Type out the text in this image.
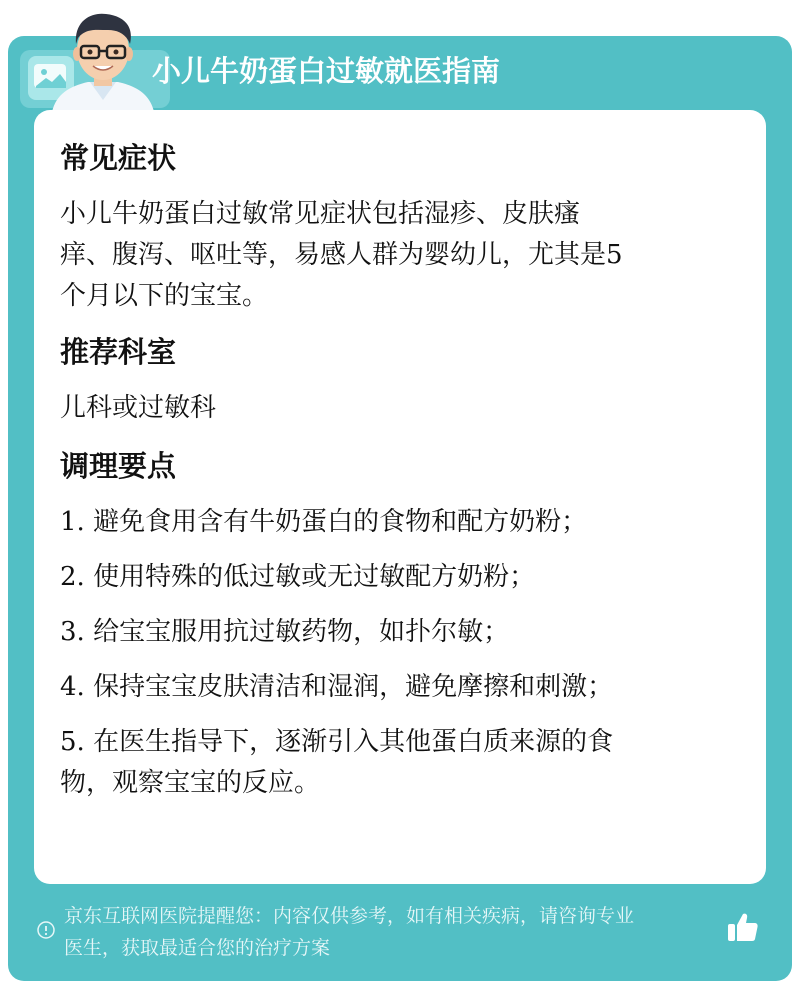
小儿牛奶蛋白过敏就医指南
常见症状
小儿牛奶蛋白过敏常见症状包括湿疹、皮肤瘙
痒、腹泻、呕吐等，易感人群为婴幼儿，尤其是5
个月以下的宝宝。
推荐科室
儿科或过敏科
调理要点
1. 避免食用含有牛奶蛋白的食物和配方奶粉；
2. 使用特殊的低过敏或无过敏配方奶粉；
3. 给宝宝服用抗过敏药物，如扑尔敏；
4. 保持宝宝皮肤清洁和湿润，避免摩擦和刺激；
5. 在医生指导下，逐渐引入其他蛋白质来源的食
物，观察宝宝的反应。
京东互联网医院提醒您：内容仅供参考，如有相关疾病，请咨询专业
医生，获取最适合您的治疗方案
